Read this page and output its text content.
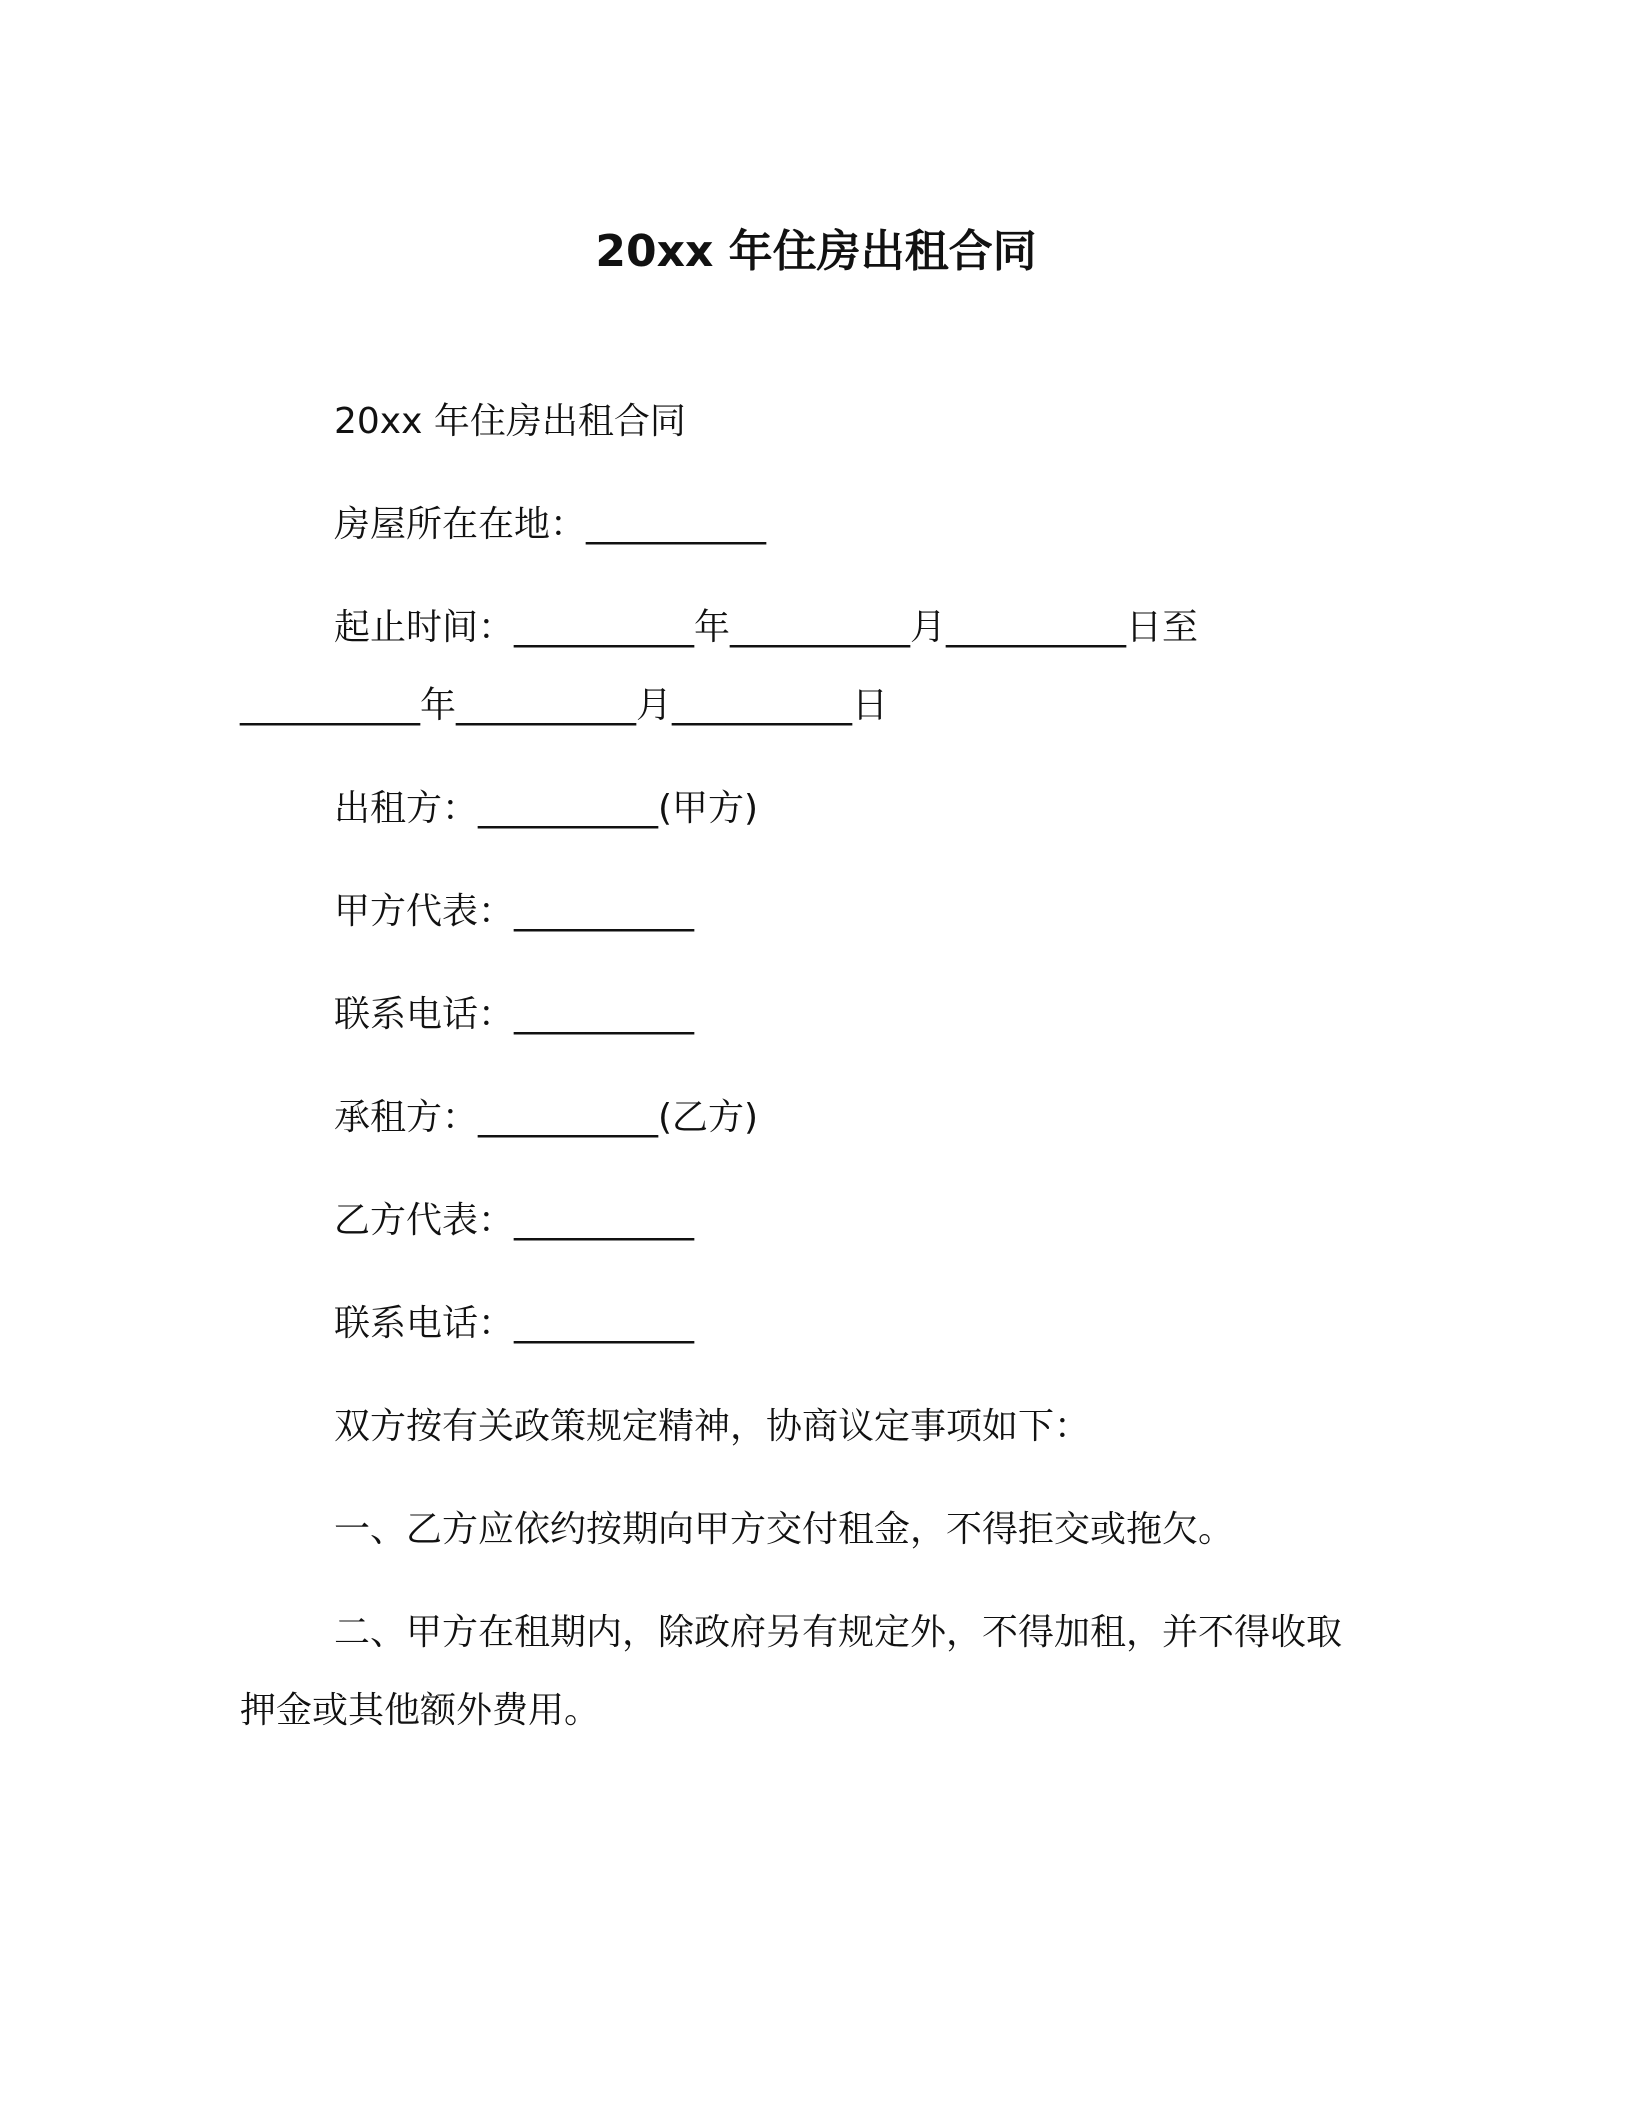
20xx 年住房出租合同
20xx 年住房出租合同
房屋所在在地：__________
起止时间：__________年__________月__________日至
__________年__________月__________日
出租方：__________(甲方)
甲方代表：__________
联系电话：__________
承租方：__________(乙方)
乙方代表：__________
联系电话：__________
双方按有关政策规定精神，协商议定事项如下：
一、乙方应依约按期向甲方交付租金，不得拒交或拖欠。
二、甲方在租期内，除政府另有规定外，不得加租，并不得收取
押金或其他额外费用。
